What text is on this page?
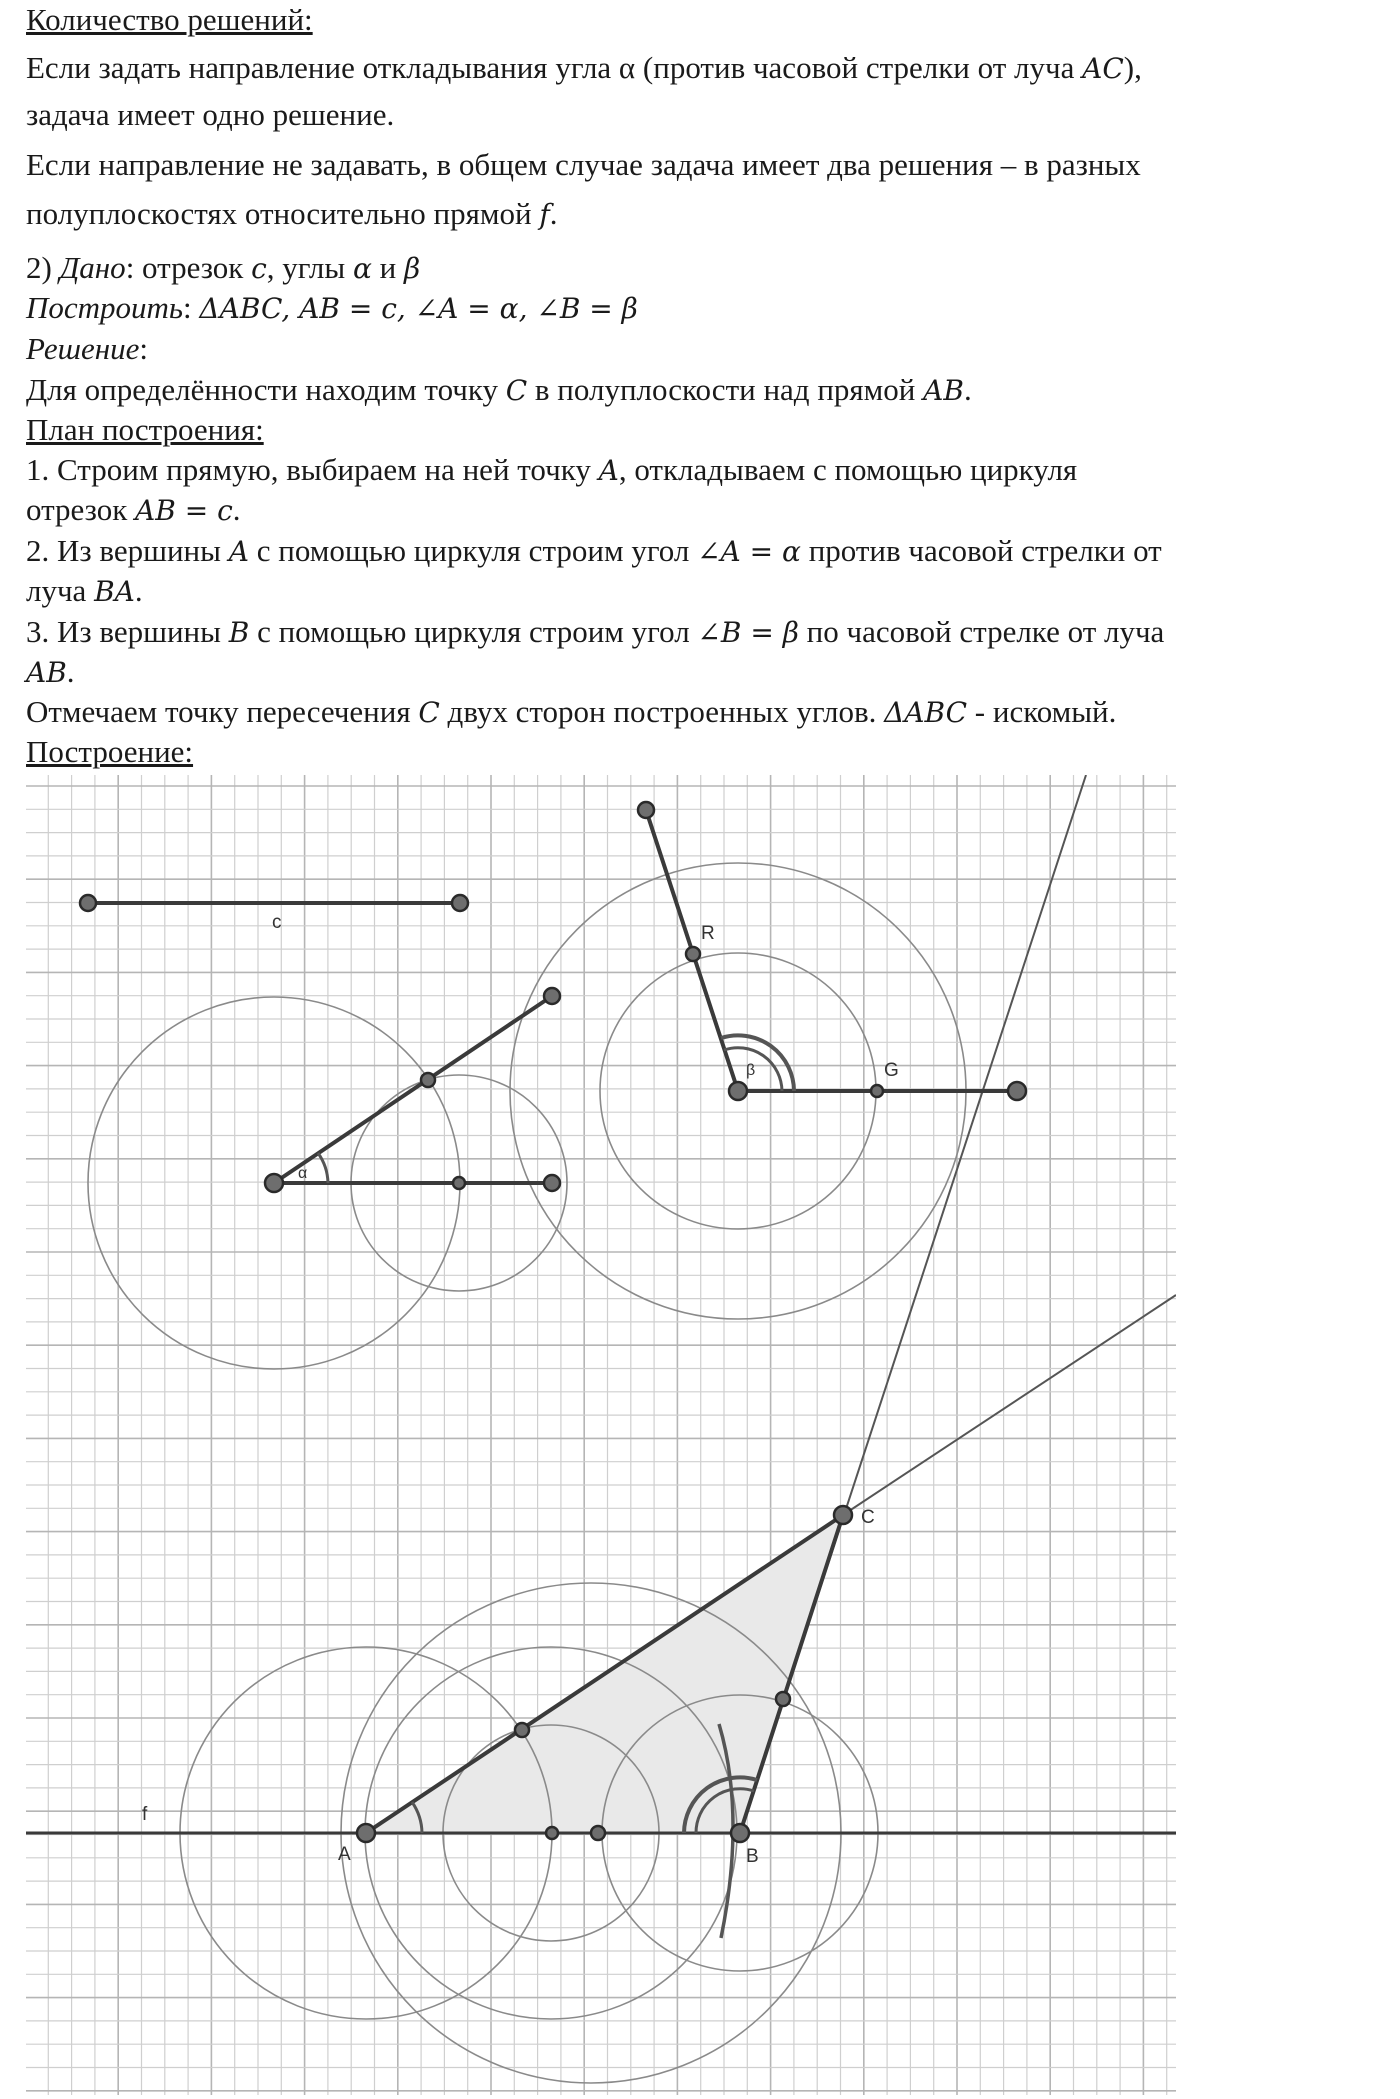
Количество решений:
Если задать направление откладывания угла α (против часовой стрелки от луча AC),
задача имеет одно решение.
Если направление не задавать, в общем случае задача имеет два решения – в разных
полуплоскостях относительно прямой f.
2) Дано: отрезок c, углы α и β
Построить: ΔABC, AB = c, ∠A = α, ∠B = β
Решение:
Для определённости находим точку C в полуплоскости над прямой AB.
План построения:
1. Строим прямую, выбираем на ней точку A, откладываем с помощью циркуля
отрезок AB = c.
2. Из вершины A с помощью циркуля строим угол ∠A = α против часовой стрелки от
луча BA.
3. Из вершины B с помощью циркуля строим угол ∠B = β по часовой стрелке от луча
AB.
Отмечаем точку пересечения C двух сторон построенных углов. ΔABC - искомый.
Построение:
c
α
β
R
G
C
A	B
f
